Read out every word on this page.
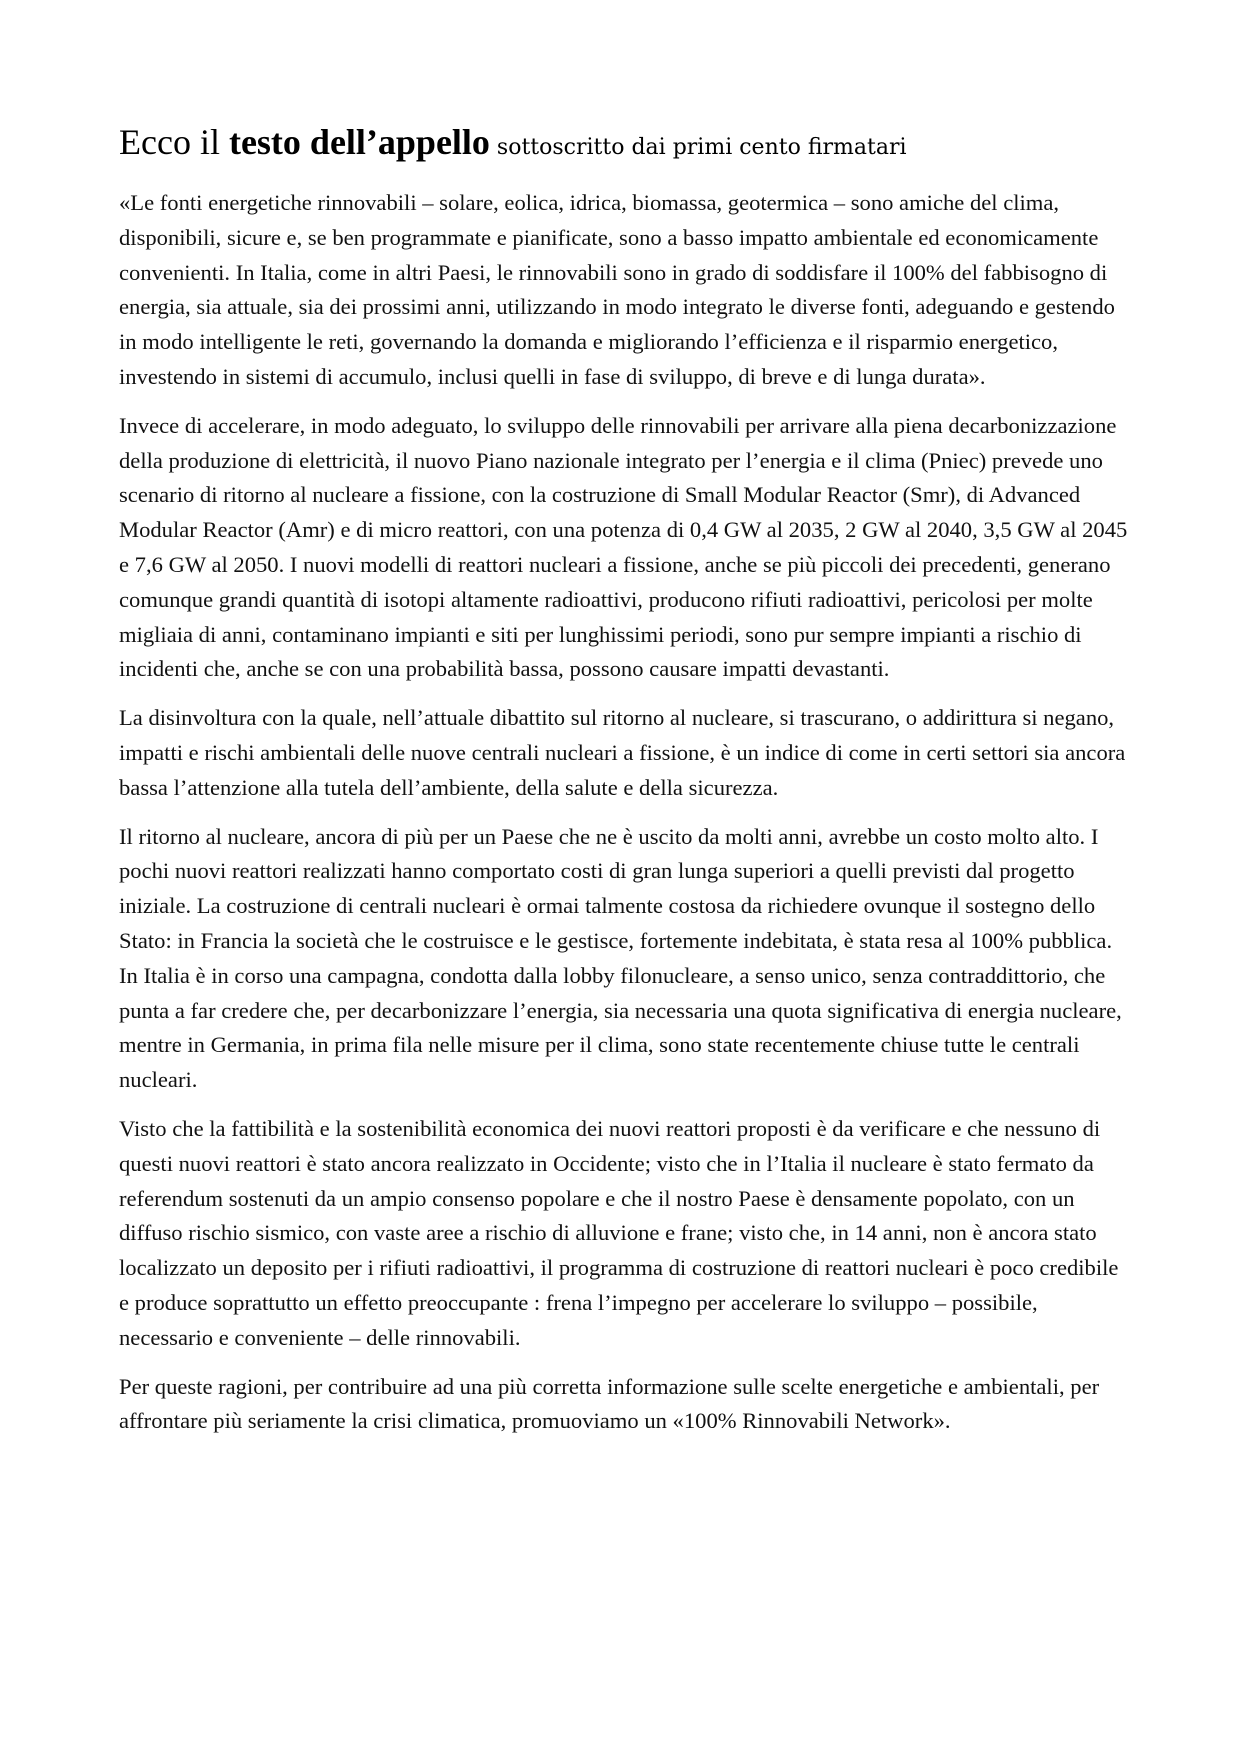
Ecco il testo dell’appello sottoscritto dai primi cento firmatari

«Le fonti energetiche rinnovabili – solare, eolica, idrica, biomassa, geotermica – sono amiche del clima, disponibili, sicure e, se ben programmate e pianificate, sono a basso impatto ambientale ed economicamente convenienti. In Italia, come in altri Paesi, le rinnovabili sono in grado di soddisfare il 100% del fabbisogno di energia, sia attuale, sia dei prossimi anni, utilizzando in modo integrato le diverse fonti, adeguando e gestendo in modo intelligente le reti, governando la domanda e migliorando l’efficienza e il risparmio energetico, investendo in sistemi di accumulo, inclusi quelli in fase di sviluppo, di breve e di lunga durata».

Invece di accelerare, in modo adeguato, lo sviluppo delle rinnovabili per arrivare alla piena decarbonizzazione della produzione di elettricità, il nuovo Piano nazionale integrato per l’energia e il clima (Pniec) prevede uno scenario di ritorno al nucleare a fissione, con la costruzione di Small Modular Reactor (Smr), di Advanced Modular Reactor (Amr) e di micro reattori, con una potenza di 0,4 GW al 2035, 2 GW al 2040, 3,5 GW al 2045 e 7,6 GW al 2050. I nuovi modelli di reattori nucleari a fissione, anche se più piccoli dei precedenti, generano comunque grandi quantità di isotopi altamente radioattivi, producono rifiuti radioattivi, pericolosi per molte migliaia di anni, contaminano impianti e siti per lunghissimi periodi, sono pur sempre impianti a rischio di incidenti che, anche se con una probabilità bassa, possono causare impatti devastanti.

La disinvoltura con la quale, nell’attuale dibattito sul ritorno al nucleare, si trascurano, o addirittura si negano, impatti e rischi ambientali delle nuove centrali nucleari a fissione, è un indice di come in certi settori sia ancora bassa l’attenzione alla tutela dell’ambiente, della salute e della sicurezza.

Il ritorno al nucleare, ancora di più per un Paese che ne è uscito da molti anni, avrebbe un costo molto alto. I pochi nuovi reattori realizzati hanno comportato costi di gran lunga superiori a quelli previsti dal progetto iniziale. La costruzione di centrali nucleari è ormai talmente costosa da richiedere ovunque il sostegno dello Stato: in Francia la società che le costruisce e le gestisce, fortemente indebitata, è stata resa al 100% pubblica. In Italia è in corso una campagna, condotta dalla lobby filonucleare, a senso unico, senza contraddittorio, che punta a far credere che, per decarbonizzare l’energia, sia necessaria una quota significativa di energia nucleare, mentre in Germania, in prima fila nelle misure per il clima, sono state recentemente chiuse tutte le centrali nucleari.

Visto che la fattibilità e la sostenibilità economica dei nuovi reattori proposti è da verificare e che nessuno di questi nuovi reattori è stato ancora realizzato in Occidente; visto che in l’Italia il nucleare è stato fermato da referendum sostenuti da un ampio consenso popolare e che il nostro Paese è densamente popolato, con un diffuso rischio sismico, con vaste aree a rischio di alluvione e frane; visto che, in 14 anni, non è ancora stato localizzato un deposito per i rifiuti radioattivi, il programma di costruzione di reattori nucleari è poco credibile e produce soprattutto un effetto preoccupante : frena l’impegno per accelerare lo sviluppo – possibile, necessario e conveniente – delle rinnovabili.

Per queste ragioni, per contribuire ad una più corretta informazione sulle scelte energetiche e ambientali, per affrontare più seriamente la crisi climatica, promuoviamo un «100% Rinnovabili Network».
